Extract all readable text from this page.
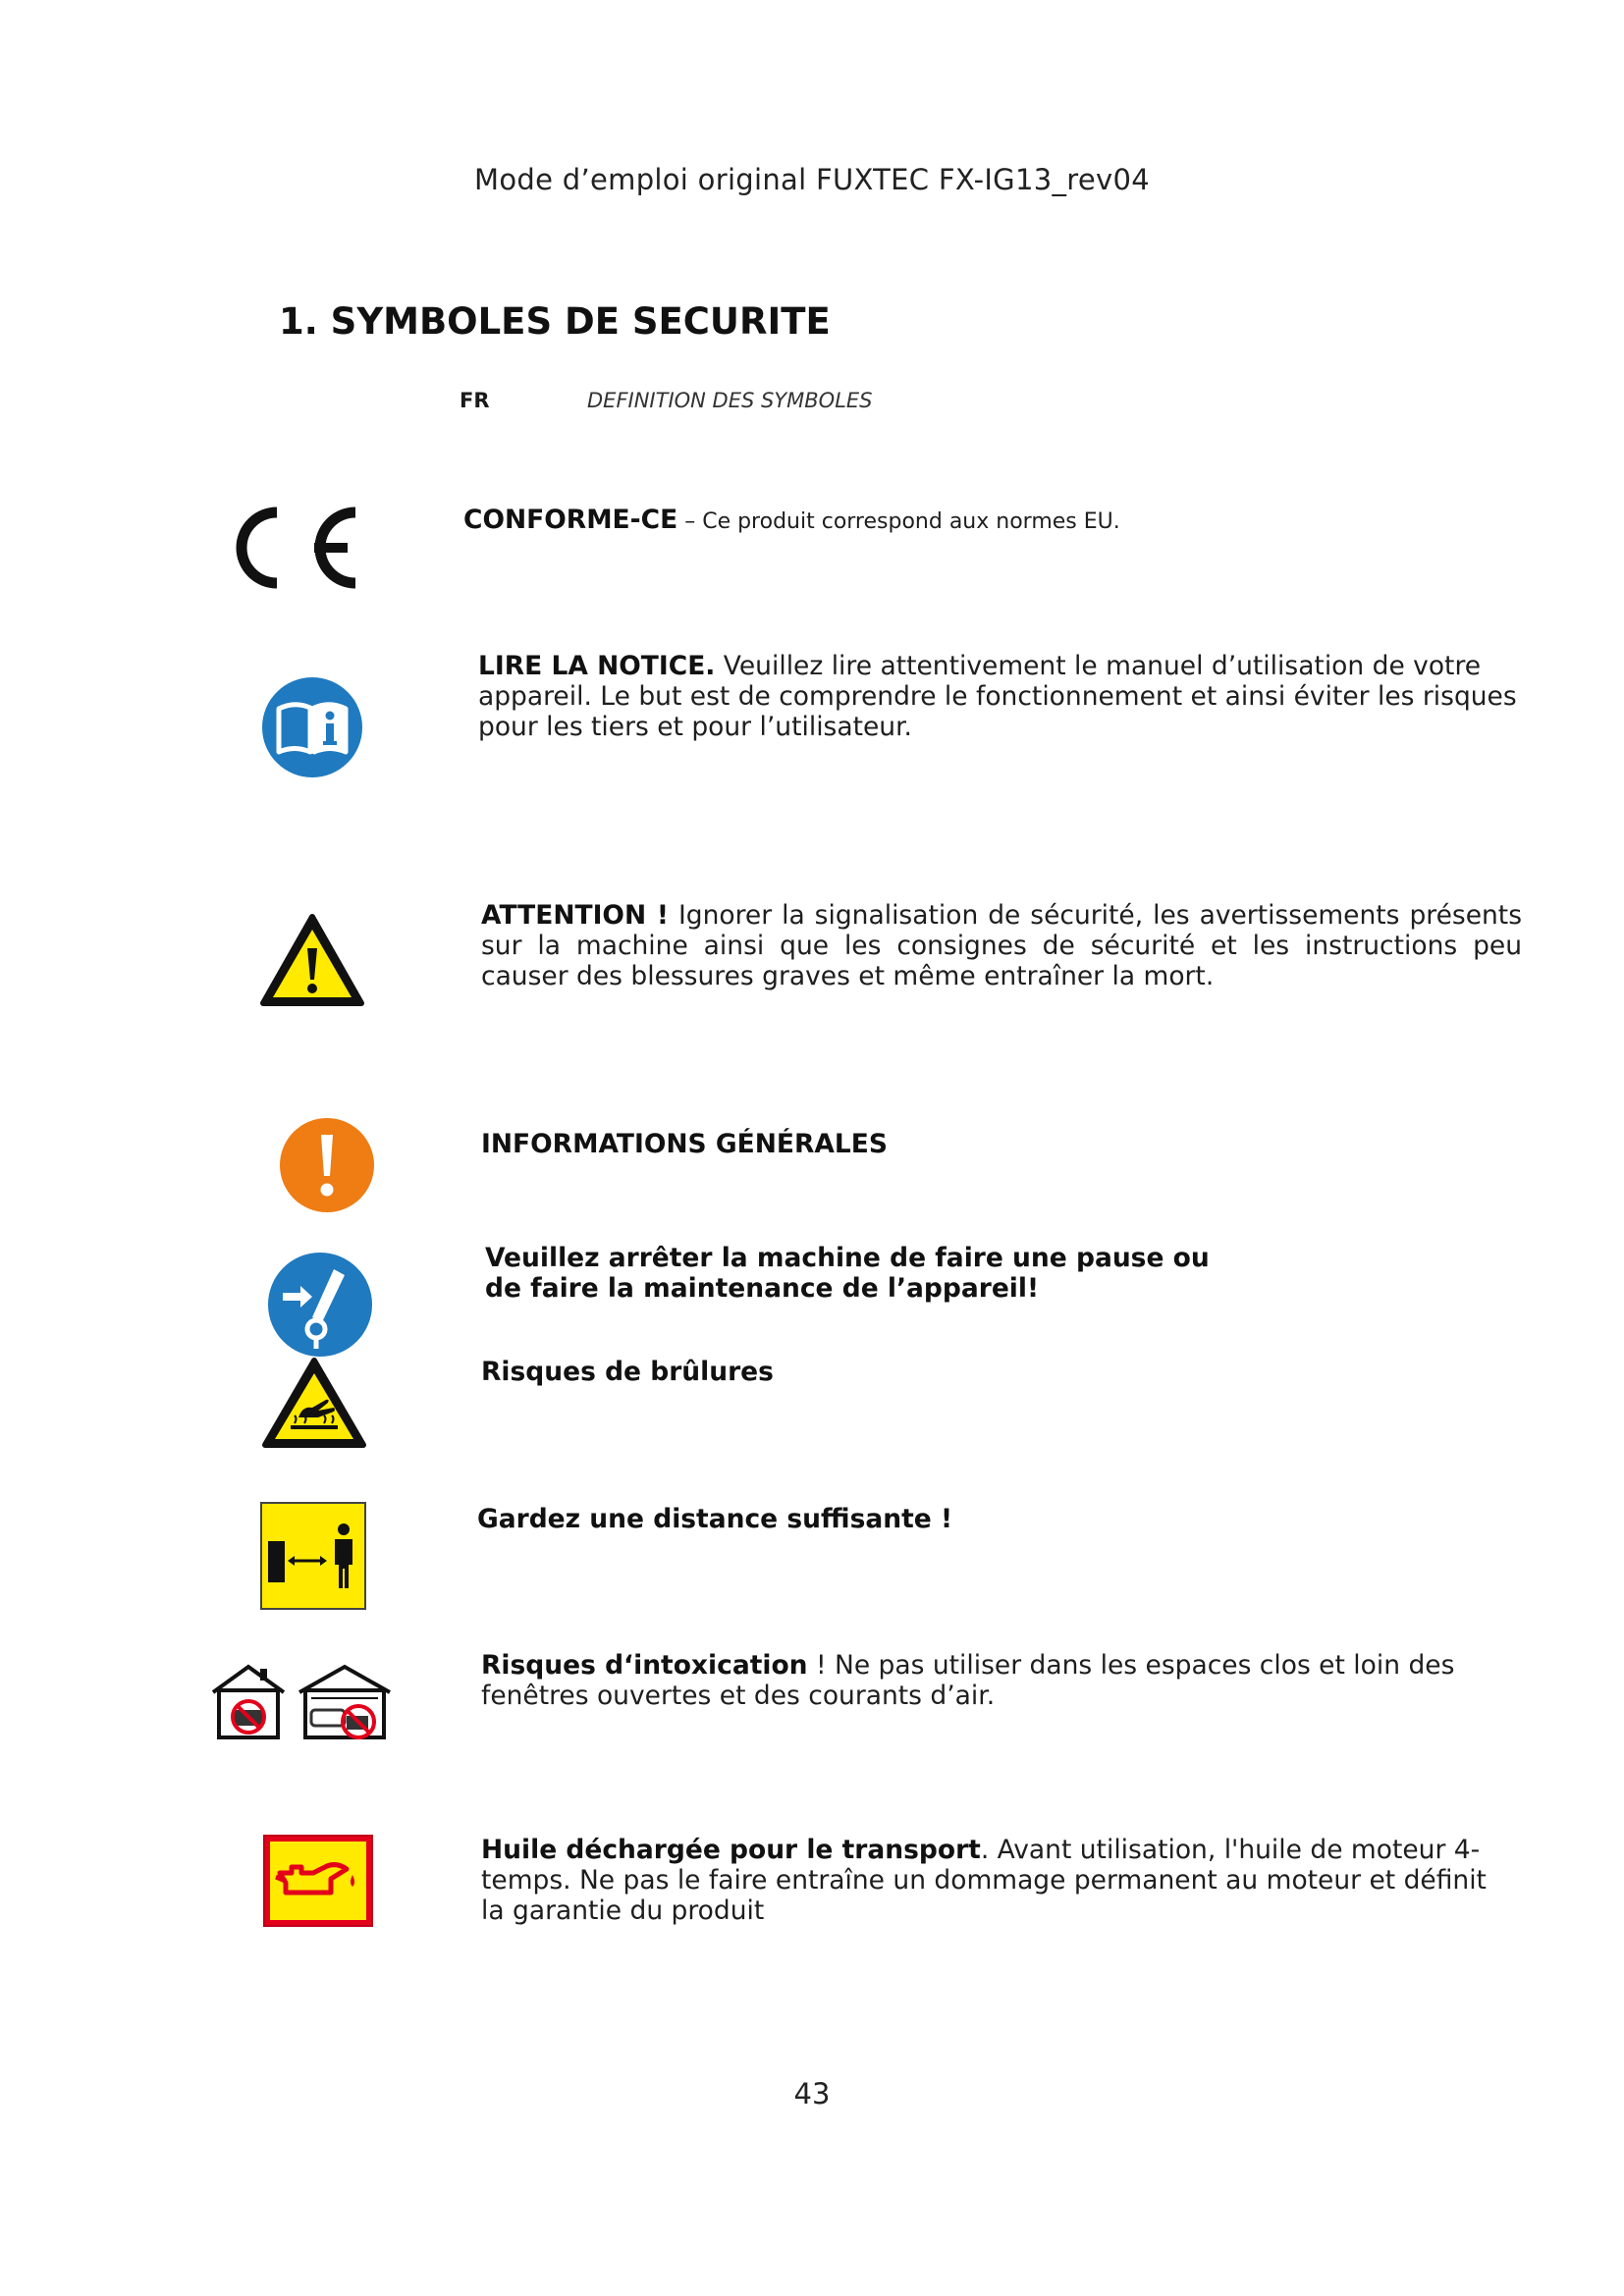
Mode d’emploi original FUXTEC FX-IG13_rev04
1. SYMBOLES DE SECURITE
FR	DEFINITION DES SYMBOLES
CONFORME-CE – Ce produit correspond aux normes EU.
LIRE LA NOTICE. Veuillez lire attentivement le manuel d’utilisation de votre appareil. Le but est de comprendre le fonctionnement et ainsi éviter les risques pour les tiers et pour l’utilisateur.
ATTENTION ! Ignorer la signalisation de sécurité, les avertissements présents sur la machine ainsi que les consignes de sécurité et les instructions peu causer des blessures graves et même entraîner la mort.
INFORMATIONS GÉNÉRALES
Veuillez arrêter la machine de faire une pause ou de faire la maintenance de l’appareil!
Risques de brûlures
Gardez une distance suffisante !
Risques d‘intoxication ! Ne pas utiliser dans les espaces clos et loin des fenêtres ouvertes et des courants d’air.
Huile déchargée pour le transport. Avant utilisation, l'huile de moteur 4-temps. Ne pas le faire entraîne un dommage permanent au moteur et définit la garantie du produit
43
